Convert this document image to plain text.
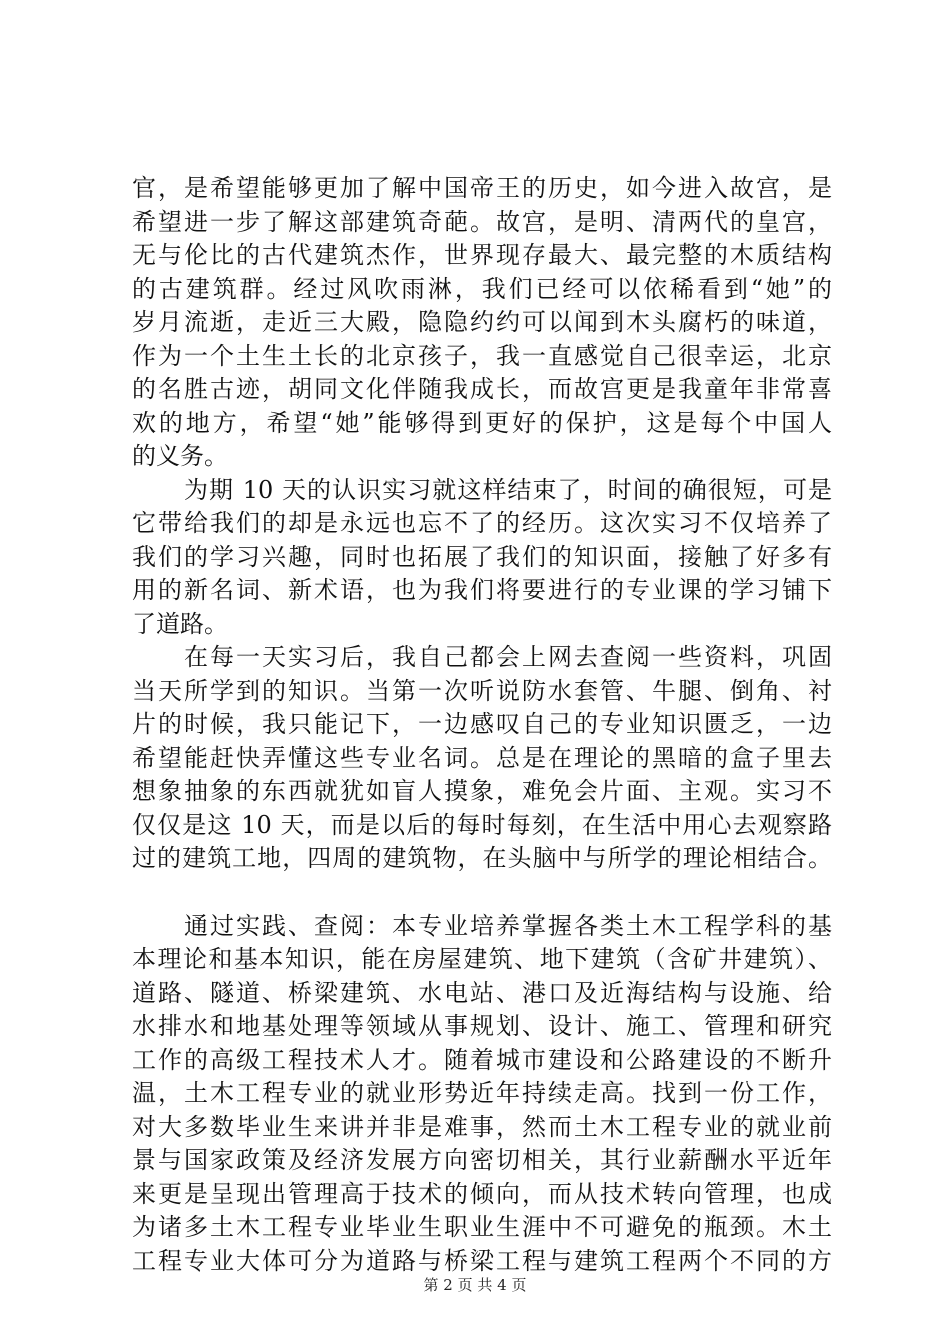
官，是希望能够更加了解中国帝王的历史，如今进入故宫，是
希望进一步了解这部建筑奇葩。故宫，是明、清两代的皇宫，
无与伦比的古代建筑杰作，世界现存最大、最完整的木质结构
的古建筑群。经过风吹雨淋，我们已经可以依稀看到“她”的
岁月流逝，走近三大殿，隐隐约约可以闻到木头腐朽的味道，
作为一个土生土长的北京孩子，我一直感觉自己很幸运，北京
的名胜古迹，胡同文化伴随我成长，而故宫更是我童年非常喜
欢的地方，希望“她”能够得到更好的保护，这是每个中国人
的义务。
为期 10 天的认识实习就这样结束了，时间的确很短，可是
它带给我们的却是永远也忘不了的经历。这次实习不仅培养了
我们的学习兴趣，同时也拓展了我们的知识面，接触了好多有
用的新名词、新术语，也为我们将要进行的专业课的学习铺下
了道路。
在每一天实习后，我自己都会上网去查阅一些资料，巩固
当天所学到的知识。当第一次听说防水套管、牛腿、倒角、衬
片的时候，我只能记下，一边感叹自己的专业知识匮乏，一边
希望能赶快弄懂这些专业名词。总是在理论的黑暗的盒子里去
想象抽象的东西就犹如盲人摸象，难免会片面、主观。实习不
仅仅是这 10 天，而是以后的每时每刻，在生活中用心去观察路
过的建筑工地，四周的建筑物，在头脑中与所学的理论相结合。
通过实践、查阅：本专业培养掌握各类土木工程学科的基
本理论和基本知识，能在房屋建筑、地下建筑（含矿井建筑）、
道路、隧道、桥梁建筑、水电站、港口及近海结构与设施、给
水排水和地基处理等领域从事规划、设计、施工、管理和研究
工作的高级工程技术人才。随着城市建设和公路建设的不断升
温，土木工程专业的就业形势近年持续走高。找到一份工作，
对大多数毕业生来讲并非是难事，然而土木工程专业的就业前
景与国家政策及经济发展方向密切相关，其行业薪酬水平近年
来更是呈现出管理高于技术的倾向，而从技术转向管理，也成
为诸多土木工程专业毕业生职业生涯中不可避免的瓶颈。木土
工程专业大体可分为道路与桥梁工程与建筑工程两个不同的方
第 2 页 共 4 页
